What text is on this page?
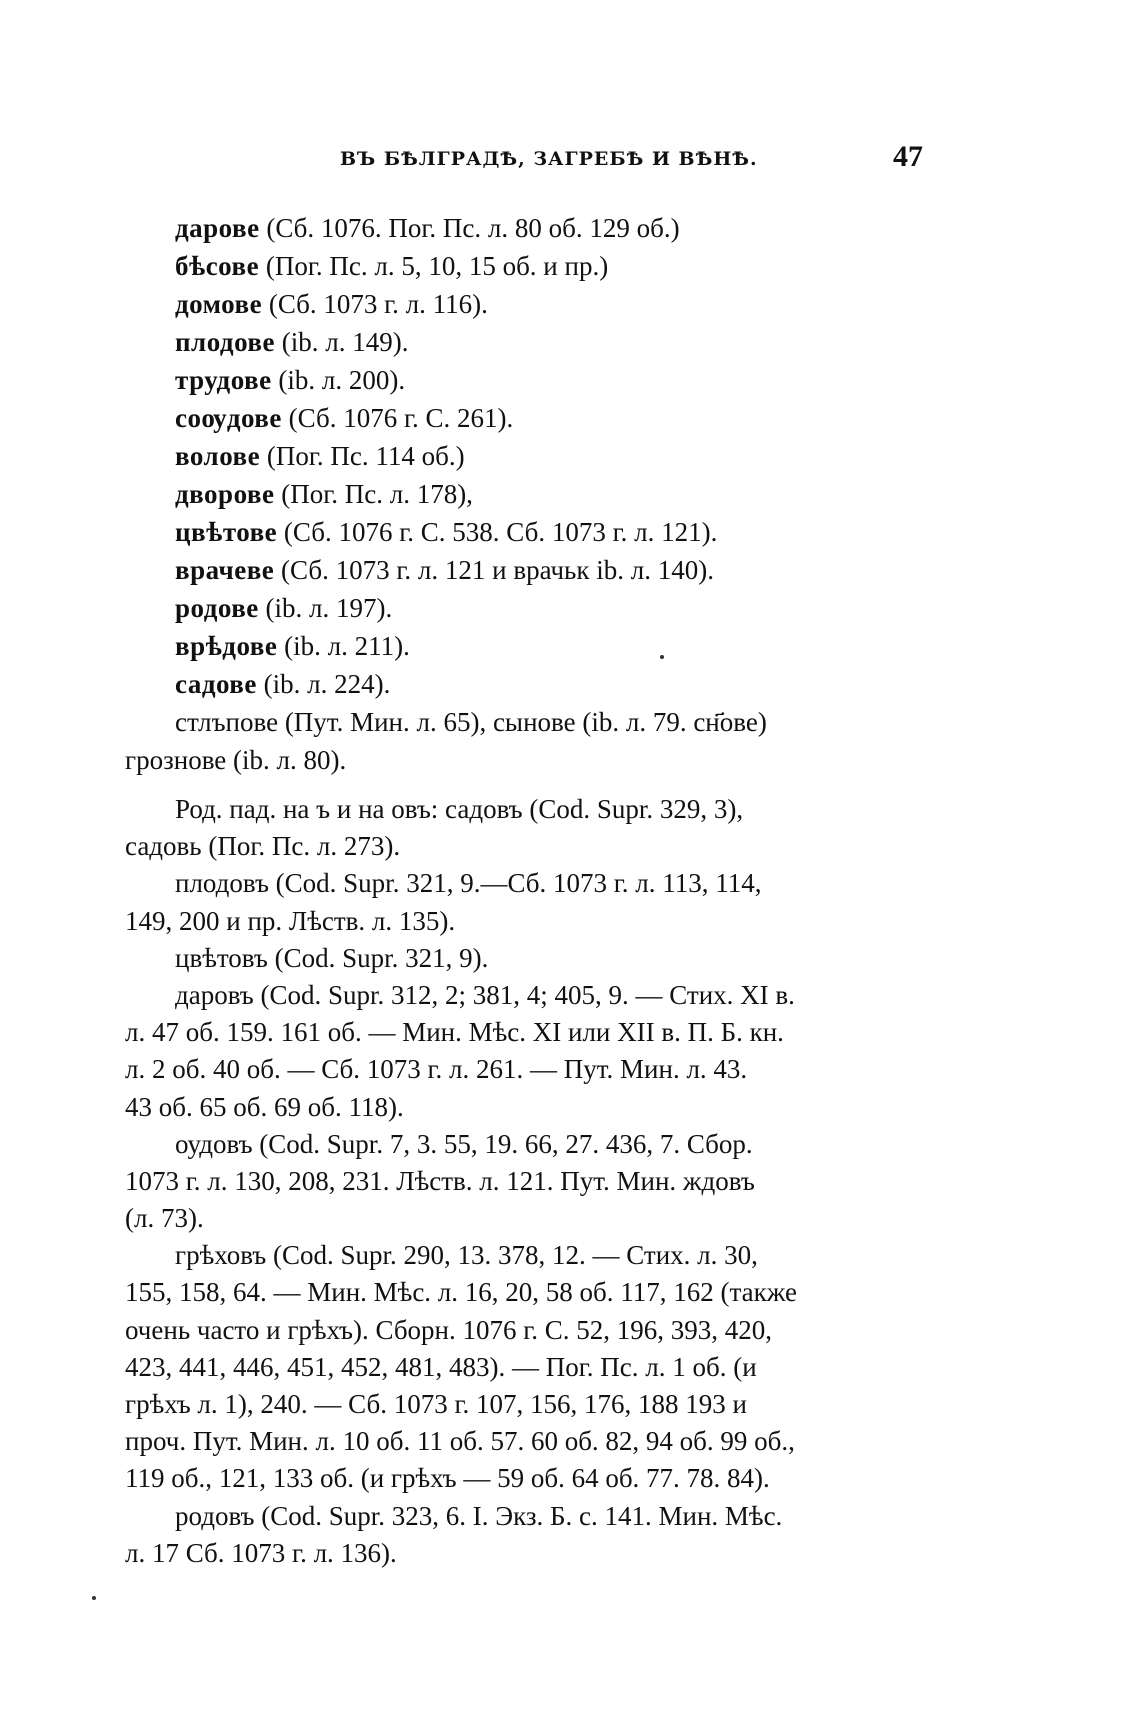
ВЪ БѢЛГРАДѢ, ЗАГРЕБѢ И ВѢНѢ.	47
дарове (Сб. 1076. Пог. Пс. л. 80 об. 129 об.)
бѣсове (Пог. Пс. л. 5, 10, 15 об. и пр.)
домове (Сб. 1073 г. л. 116).
плодове (ib. л. 149).
трудове (ib. л. 200).
соѹдове (Сб. 1076 г. С. 261).
волове (Пог. Пс. 114 об.)
дворове (Пог. Пс. л. 178),
цвѣтове (Сб. 1076 г. С. 538. Сб. 1073 г. л. 121).
врачеве (Сб. 1073 г. л. 121 и врачьк ib. л. 140).
родове (ib. л. 197).
врѣдове (ib. л. 211).
садове (ib. л. 224).
стлъпове (Пут. Мин. л. 65), сынове (ib. л. 79. сн҃ове)
грознове (ib. л. 80).
Род. пад. на ъ и на овъ: садовъ (Cod. Supr. 329, 3),
садовь (Пог. Пс. л. 273).
плодовъ (Cod. Supr. 321, 9.—Сб. 1073 г. л. 113, 114,
149, 200 и пр. Лѣств. л. 135).
цвѣтовъ (Cod. Supr. 321, 9).
даровъ (Cod. Supr. 312, 2; 381, 4; 405, 9. — Стих. XI в.
л. 47 об. 159. 161 об. — Мин. Мѣс. XI или XII в. П. Б. кн.
л. 2 об. 40 об. — Сб. 1073 г. л. 261. — Пут. Мин. л. 43.
43 об. 65 об. 69 об. 118).
оудовъ (Cod. Supr. 7, 3. 55, 19. 66, 27. 436, 7. Сбор.
1073 г. л. 130, 208, 231. Лѣств. л. 121. Пут. Мин. ждовъ
(л. 73).
грѣховъ (Cod. Supr. 290, 13. 378, 12. — Стих. л. 30,
155, 158, 64. — Мин. Мѣс. л. 16, 20, 58 об. 117, 162 (также
очень часто и грѣхъ). Сборн. 1076 г. С. 52, 196, 393, 420,
423, 441, 446, 451, 452, 481, 483). — Пог. Пс. л. 1 об. (и
грѣхъ л. 1), 240. — Сб. 1073 г. 107, 156, 176, 188 193 и
проч. Пут. Мин. л. 10 об. 11 об. 57. 60 об. 82, 94 об. 99 об.,
119 об., 121, 133 об. (и грѣхъ — 59 об. 64 об. 77. 78. 84).
родовъ (Cod. Supr. 323, 6. I. Экз. Б. с. 141. Мин. Мѣс.
л. 17 Сб. 1073 г. л. 136).
